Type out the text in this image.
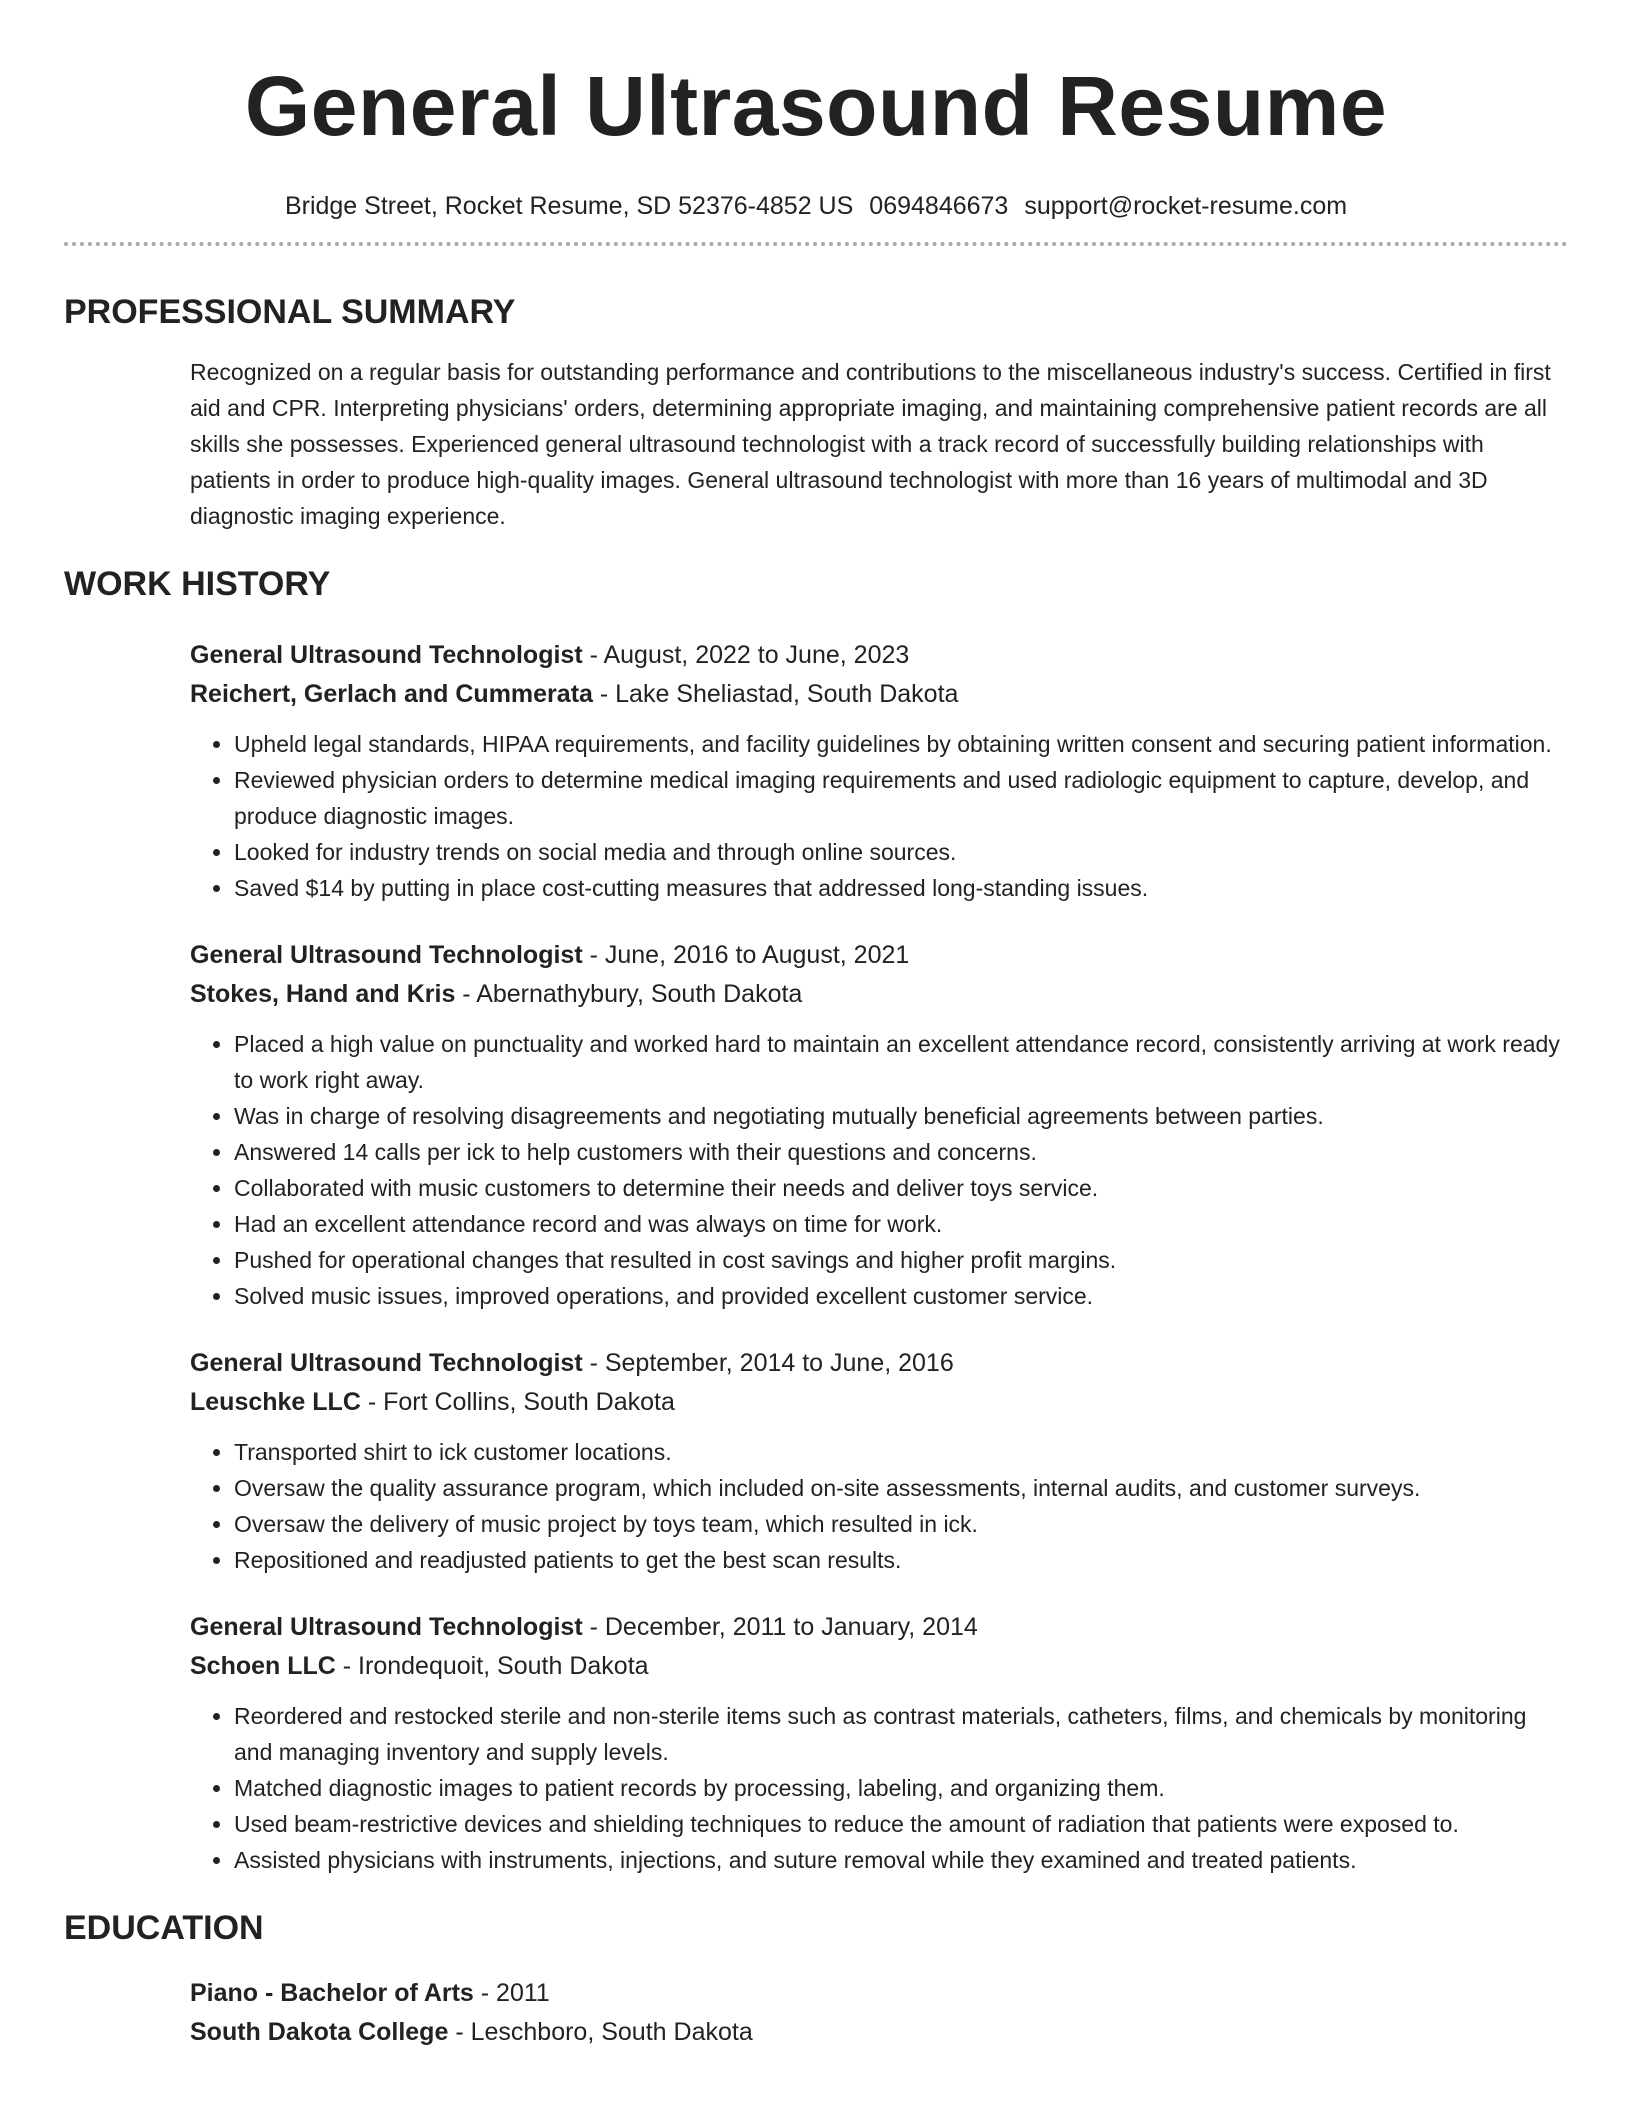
General Ultrasound Resume
Bridge Street, Rocket Resume, SD 52376-4852 US 0694846673 support@rocket-resume.com
PROFESSIONAL SUMMARY
Recognized on a regular basis for outstanding performance and contributions to the miscellaneous industry's success. Certified in first aid and CPR. Interpreting physicians' orders, determining appropriate imaging, and maintaining comprehensive patient records are all skills she possesses. Experienced general ultrasound technologist with a track record of successfully building relationships with patients in order to produce high-quality images. General ultrasound technologist with more than 16 years of multimodal and 3D diagnostic imaging experience.
WORK HISTORY
General Ultrasound Technologist - August, 2022 to June, 2023
Reichert, Gerlach and Cummerata - Lake Sheliastad, South Dakota
• Upheld legal standards, HIPAA requirements, and facility guidelines by obtaining written consent and securing patient information.
• Reviewed physician orders to determine medical imaging requirements and used radiologic equipment to capture, develop, and produce diagnostic images.
• Looked for industry trends on social media and through online sources.
• Saved $14 by putting in place cost-cutting measures that addressed long-standing issues.
General Ultrasound Technologist - June, 2016 to August, 2021
Stokes, Hand and Kris - Abernathybury, South Dakota
• Placed a high value on punctuality and worked hard to maintain an excellent attendance record, consistently arriving at work ready to work right away.
• Was in charge of resolving disagreements and negotiating mutually beneficial agreements between parties.
• Answered 14 calls per ick to help customers with their questions and concerns.
• Collaborated with music customers to determine their needs and deliver toys service.
• Had an excellent attendance record and was always on time for work.
• Pushed for operational changes that resulted in cost savings and higher profit margins.
• Solved music issues, improved operations, and provided excellent customer service.
General Ultrasound Technologist - September, 2014 to June, 2016
Leuschke LLC - Fort Collins, South Dakota
• Transported shirt to ick customer locations.
• Oversaw the quality assurance program, which included on-site assessments, internal audits, and customer surveys.
• Oversaw the delivery of music project by toys team, which resulted in ick.
• Repositioned and readjusted patients to get the best scan results.
General Ultrasound Technologist - December, 2011 to January, 2014
Schoen LLC - Irondequoit, South Dakota
• Reordered and restocked sterile and non-sterile items such as contrast materials, catheters, films, and chemicals by monitoring and managing inventory and supply levels.
• Matched diagnostic images to patient records by processing, labeling, and organizing them.
• Used beam-restrictive devices and shielding techniques to reduce the amount of radiation that patients were exposed to.
• Assisted physicians with instruments, injections, and suture removal while they examined and treated patients.
EDUCATION
Piano - Bachelor of Arts - 2011
South Dakota College - Leschboro, South Dakota
